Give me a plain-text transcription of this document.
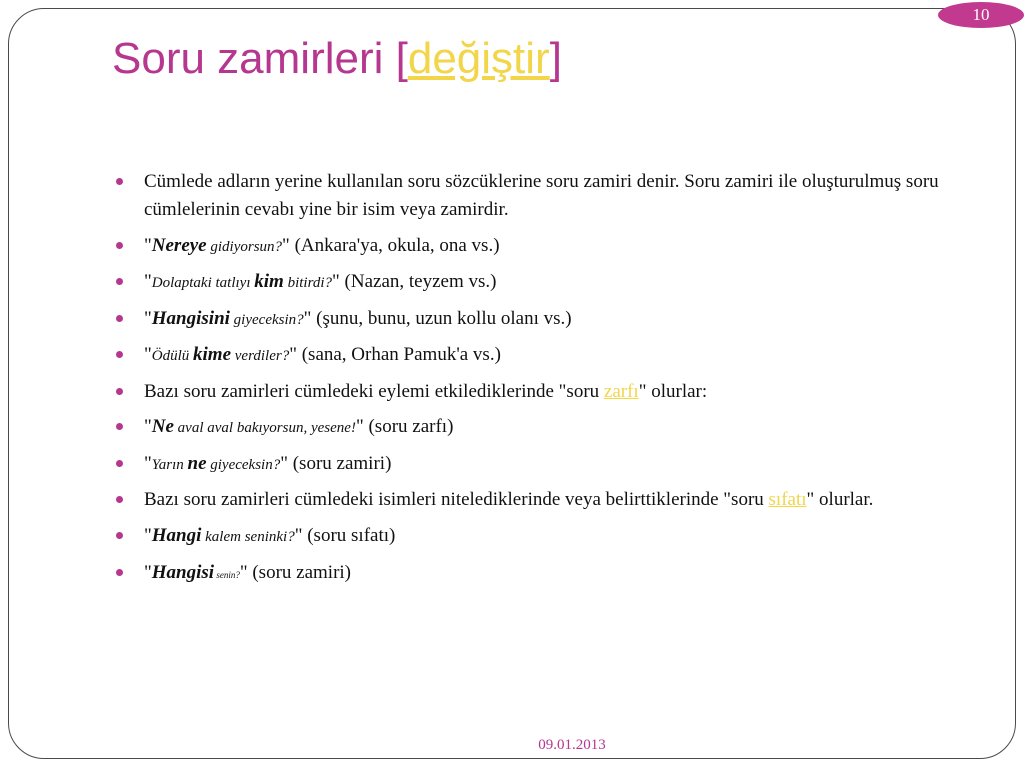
10
Soru zamirleri [değiştir]
Cümlede adların yerine kullanılan soru sözcüklerine soru zamiri denir. Soru zamiri ile oluşturulmuş soru cümlelerinin cevabı yine bir isim veya zamirdir.
"Nereye gidiyorsun?" (Ankara'ya, okula, ona vs.)
"Dolaptaki tatlıyı kim bitirdi?" (Nazan, teyzem vs.)
"Hangisini giyeceksin?" (şunu, bunu, uzun kollu olanı vs.)
"Ödülü kime verdiler?" (sana, Orhan Pamuk'a vs.)
Bazı soru zamirleri cümledeki eylemi etkilediklerinde "soru zarfı" olurlar:
"Ne aval aval bakıyorsun, yesene!" (soru zarfı)
"Yarın ne giyeceksin?" (soru zamiri)
Bazı soru zamirleri cümledeki isimleri nitelediklerinde veya belirttiklerinde "soru sıfatı" olurlar.
"Hangi kalem seninki?" (soru sıfatı)
"Hangisi senin?" (soru zamiri)
09.01.2013
